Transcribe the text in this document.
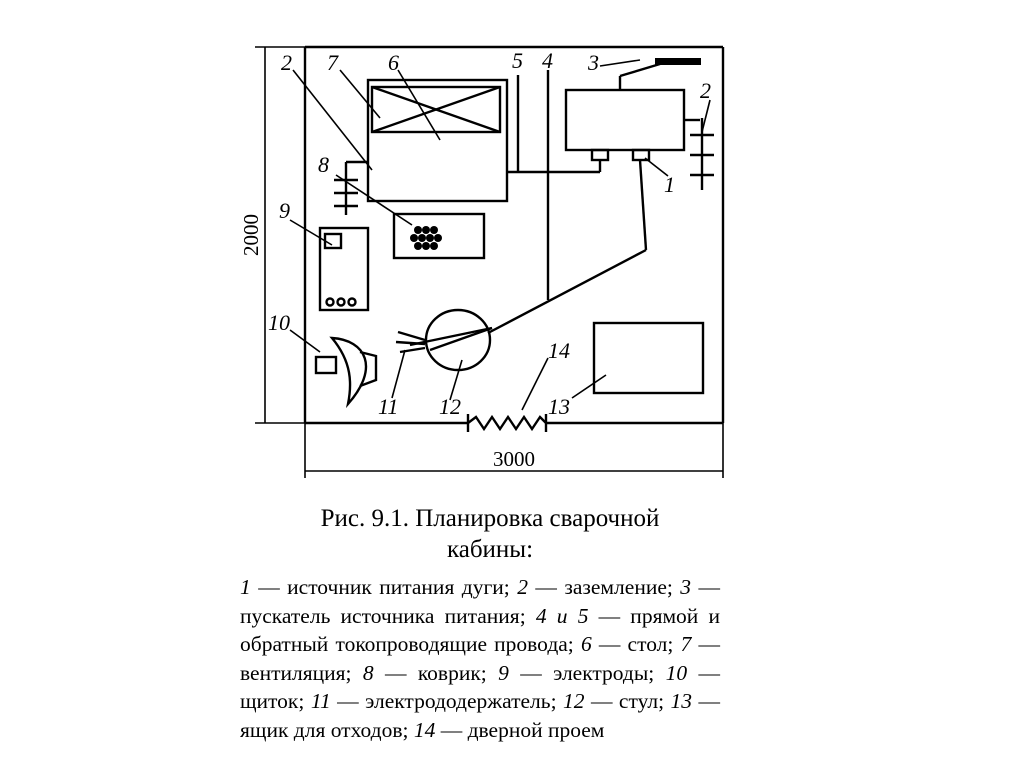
2000
3000
2 7 6	5 4 3
2
1
8
9
10
11 12	13
14
Рис. 9.1. Планировка сварочной
кабины:
1 — источник питания дуги; 2 — заземление; 3 — пускатель источника питания; 4 и 5 — прямой и обратный токопроводящие провода; 6 — стол; 7 — вентиляция; 8 — коврик; 9 — электроды; 10 — щиток; 11 — электрододержатель; 12 — стул; 13 — ящик для отходов; 14 — дверной проем
